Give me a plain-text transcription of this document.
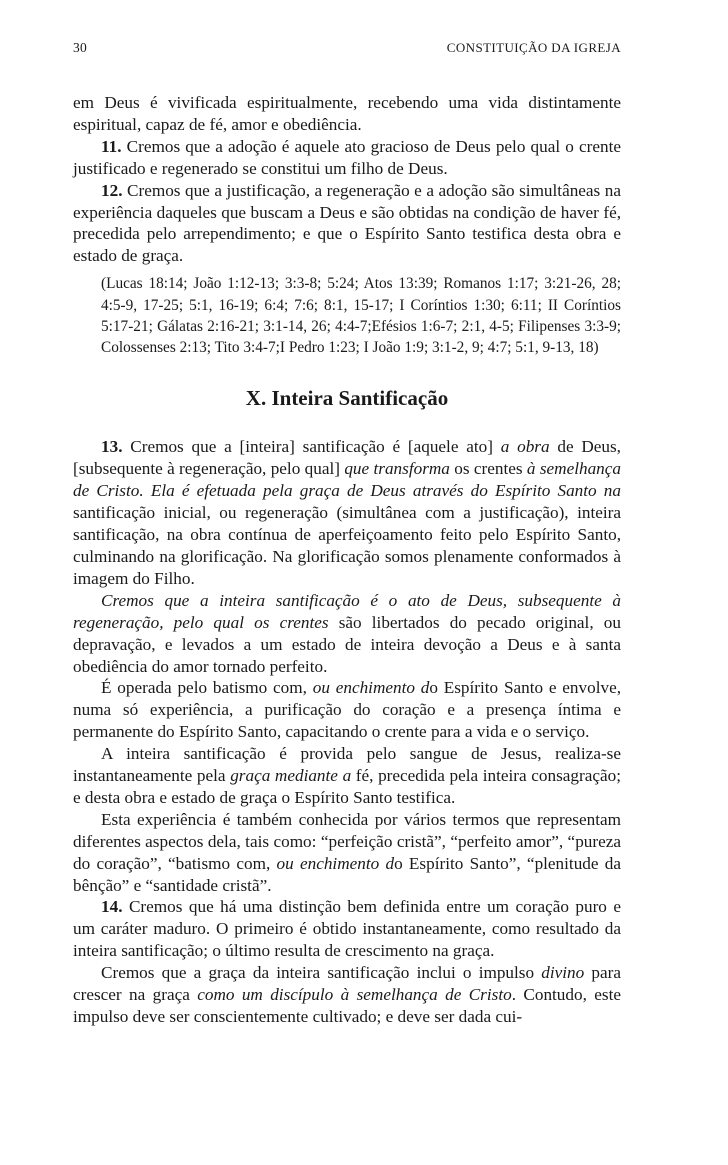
30	CONSTITUIÇÃO DA IGREJA

em Deus é vivificada espiritualmente, recebendo uma vida distintamente espiritual, capaz de fé, amor e obediência.

11. Cremos que a adoção é aquele ato gracioso de Deus pelo qual o crente justificado e regenerado se constitui um filho de Deus.

12. Cremos que a justificação, a regeneração e a adoção são simultâneas na experiência daqueles que buscam a Deus e são obtidas na condição de haver fé, precedida pelo arrependimento; e que o Espírito Santo testifica desta obra e estado de graça.

(Lucas 18:14; João 1:12-13; 3:3-8; 5:24; Atos 13:39; Romanos 1:17; 3:21-26, 28; 4:5-9, 17-25; 5:1, 16-19; 6:4; 7:6; 8:1, 15-17; I Coríntios 1:30; 6:11; II Coríntios 5:17-21; Gálatas 2:16-21; 3:1-14, 26; 4:4-7;Efésios 1:6-7; 2:1, 4-5; Filipenses 3:3-9; Colossenses 2:13; Tito 3:4-7;I Pedro 1:23; I João 1:9; 3:1-2, 9; 4:7; 5:1, 9-13, 18)
X. Inteira Santificação

13. Cremos que a [inteira] santificação é [aquele ato] a obra de Deus, [subsequente à regeneração, pelo qual] que transforma os crentes à semelhança de Cristo. Ela é efetuada pela graça de Deus através do Espírito Santo na santificação inicial, ou regeneração (simultânea com a justificação), inteira santificação, na obra contínua de aperfeiçoamento feito pelo Espírito Santo, culminando na glorificação. Na glorificação somos plenamente conformados à imagem do Filho.

Cremos que a inteira santificação é o ato de Deus, subsequente à regeneração, pelo qual os crentes são libertados do pecado original, ou depravação, e levados a um estado de inteira devoção a Deus e à santa obediência do amor tornado perfeito.

É operada pelo batismo com, ou enchimento do Espírito Santo e envolve, numa só experiência, a purificação do coração e a presença íntima e permanente do Espírito Santo, capacitando o crente para a vida e o serviço.

A inteira santificação é provida pelo sangue de Jesus, realiza-se instantaneamente pela graça mediante a fé, precedida pela inteira consagração; e desta obra e estado de graça o Espírito Santo testifica.

Esta experiência é também conhecida por vários termos que representam diferentes aspectos dela, tais como: “perfeição cristã”, “perfeito amor”, “pureza do coração”, “batismo com, ou enchimento do Espírito Santo”, “plenitude da bênção” e “santidade cristã”.

14. Cremos que há uma distinção bem definida entre um coração puro e um caráter maduro. O primeiro é obtido instantaneamente, como resultado da inteira santificação; o último resulta de crescimento na graça.

Cremos que a graça da inteira santificação inclui o impulso divino para crescer na graça como um discípulo à semelhança de Cristo. Contudo, este impulso deve ser conscientemente cultivado; e deve ser dada cui-
